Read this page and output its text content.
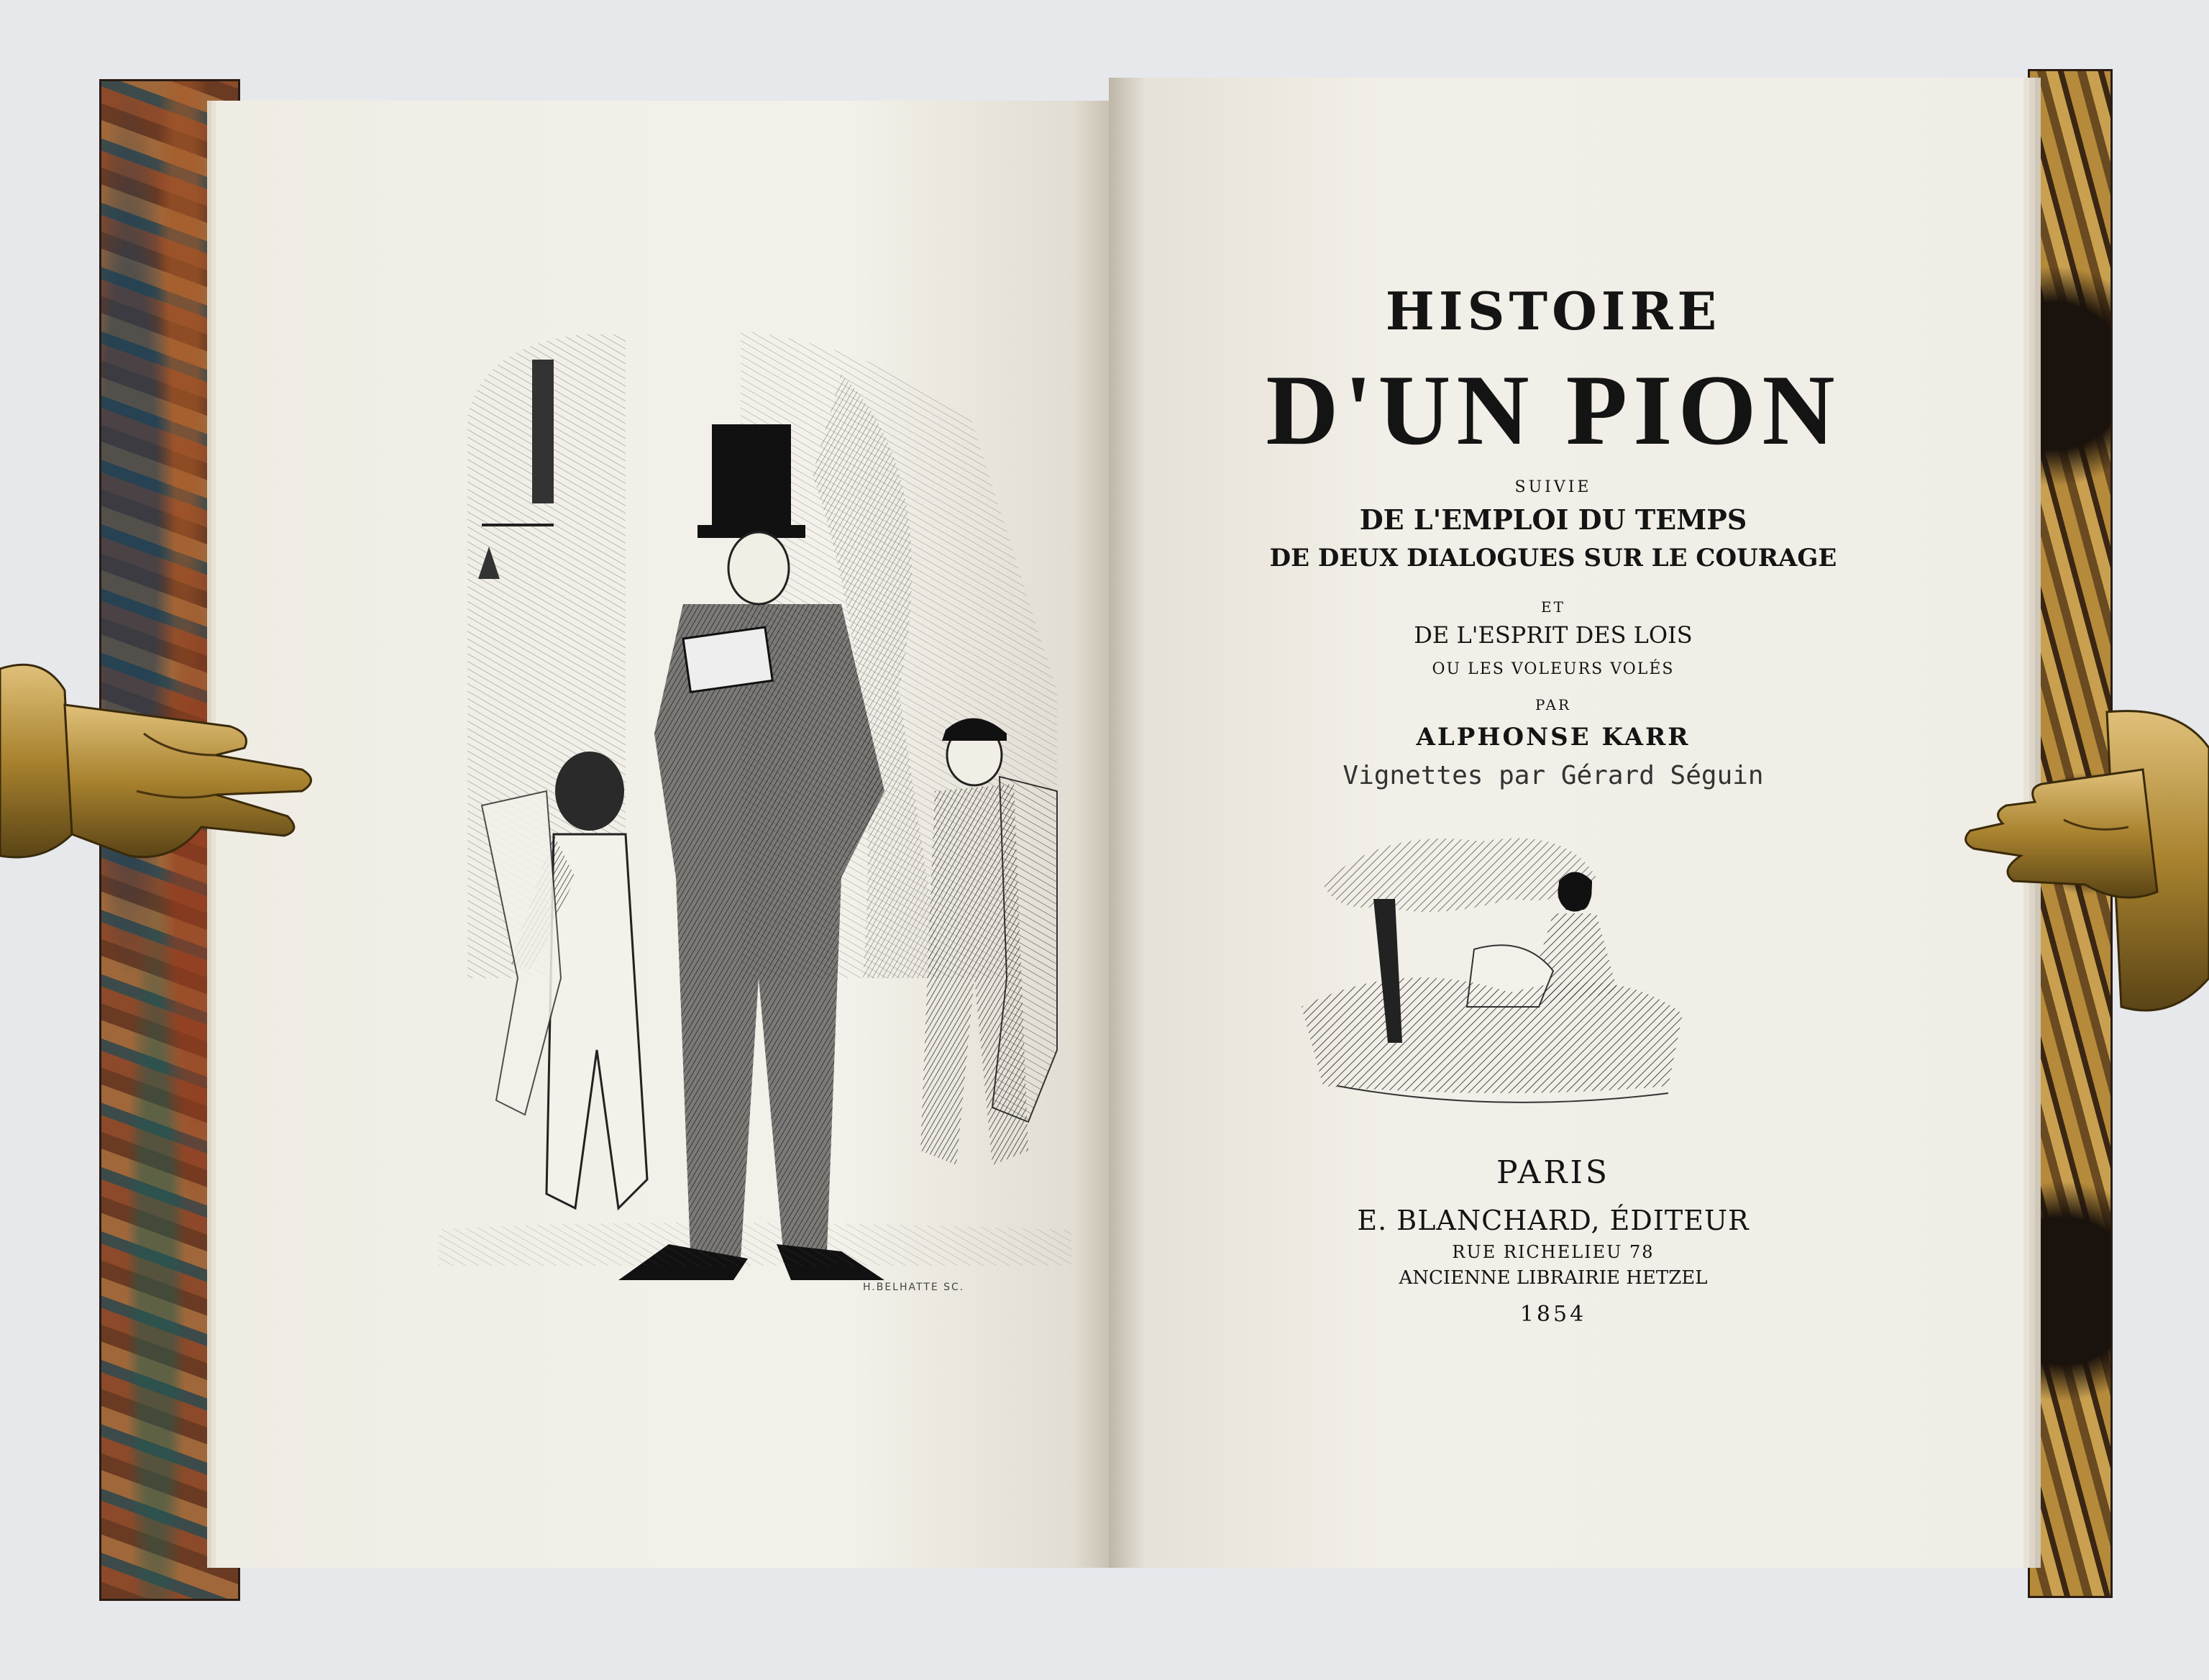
H.BELHATTE SC.
HISTOIRE
D'UN PION
SUIVIE
DE L'EMPLOI DU TEMPS
DE DEUX DIALOGUES SUR LE COURAGE
ET
DE L'ESPRIT DES LOIS
OU LES VOLEURS VOLÉS
PAR
ALPHONSE KARR
Vignettes par Gérard Séguin
PARIS
E. BLANCHARD, ÉDITEUR
RUE RICHELIEU 78
ANCIENNE LIBRAIRIE HETZEL
1854
